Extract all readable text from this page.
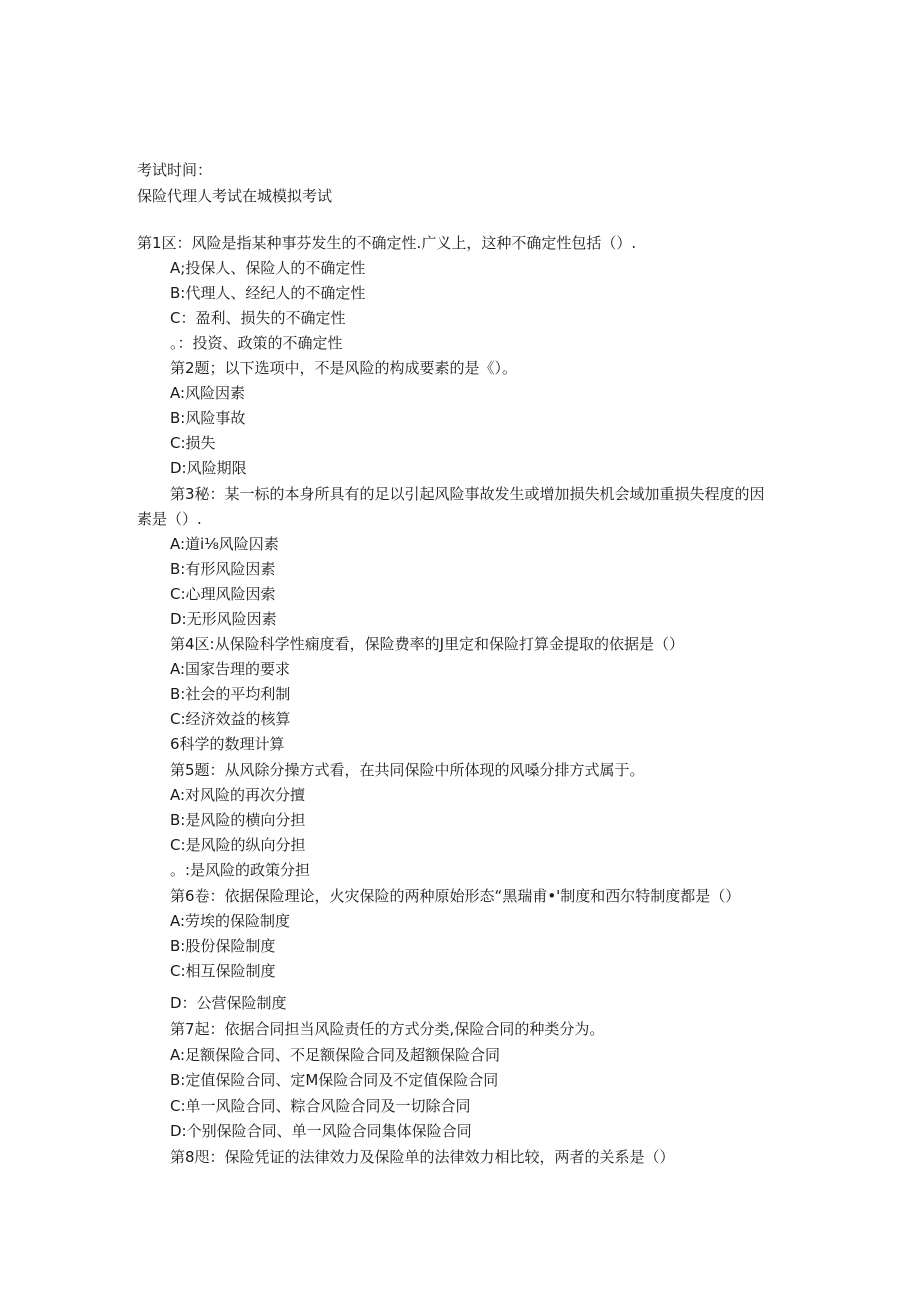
考试时间：
保险代理人考试在城模拟考试
第1区：风险是指某种事芬发生的不确定性.广义上，这种不确定性包括（）.
A;投保人、保险人的不确定性
B:代理人、经纪人的不确定性
C：盈利、损失的不确定性
。：投资、政策的不确定性
第2题；以下选项中，不是风险的构成要素的是《）。
A:风险因素
B:风险事故
C:损失
D:风险期限
第3秘：某一标的本身所具有的足以引起风险事故发生或增加损失机会域加重损失程度的因
素是（）.
A:道i⅛风险囚素
B:有形风险因素
C:心理风险因索
D:无形风险因素
第4区:从保险科学性痫度看，保险费率的J里定和保险打算金提取的依据是（）
A:国家告理的要求
B:社会的平均利制
C:经济效益的核算
6科学的数理计算
第5题：从风除分操方式看，在共同保险中所体现的风嗓分排方式属于。
A:对风险的再次分擅
B:是风险的横向分担
C:是风险的纵向分担
。:是风险的政策分担
第6卷：依据保险理论，火灾保险的两种原始形态“黑瑞甫•'制度和西尔特制度都是（）
A:劳埃的保险制度
B:股份保险制度
C:相互保险制度
D：公营保险制度
第7起：依据合同担当风险责任的方式分类,保险合同的种类分为。
A:足额保险合同、不足额保险合同及超额保险合同
B:定值保险合同、定M保险合同及不定值保险合同
C:单一风险合同、粽合风险合同及一切除合同
D:个别保险合同、单一风险合同集体保险合同
第8咫：保险凭证的法律效力及保险单的法律效力相比较，两者的关系是（）
